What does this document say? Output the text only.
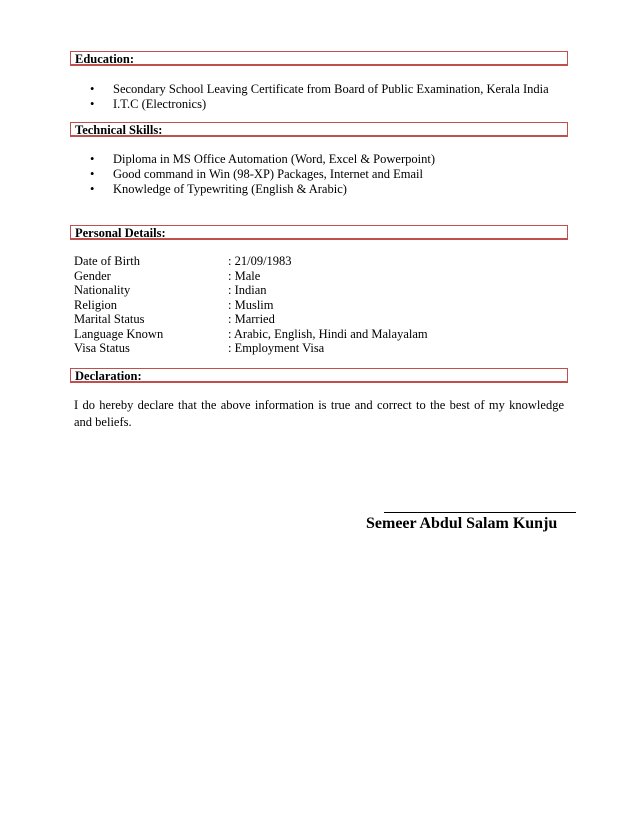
Education:
• Secondary School Leaving Certificate from Board of Public Examination, Kerala India
• I.T.C (Electronics)
Technical Skills:
• Diploma in MS Office Automation (Word, Excel & Powerpoint)
• Good command in Win (98-XP) Packages, Internet and Email
• Knowledge of Typewriting (English & Arabic)
Personal Details:
Date of Birth	: 21/09/1983
Gender	: Male
Nationality	: Indian
Religion	: Muslim
Marital Status	: Married
Language Known	: Arabic, English, Hindi and Malayalam
Visa Status	: Employment Visa
Declaration:
I do hereby declare that the above information is true and correct to the best of my knowledge and beliefs.
Semeer Abdul Salam Kunju
